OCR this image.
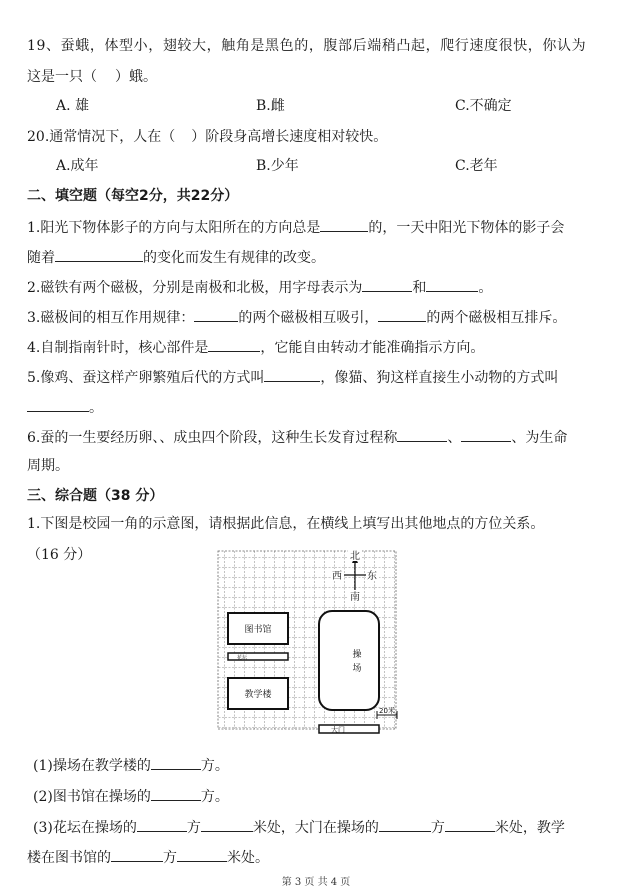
19、蚕蛾，体型小，翅较大，触角是黑色的，腹部后端稍凸起，爬行速度很快，你认为
这是一只（ ）蛾。
A. 雄	B.雌	C.不确定
20.通常情况下，人在（ ）阶段身高增长速度相对较快。
A.成年	B.少年	C.老年
二、填空题（每空2分，共22分）
1.阳光下物体影子的方向与太阳所在的方向总是	的，一天中阳光下物体的影子会
随着	的变化而发生有规律的改变。
2.磁铁有两个磁极，分别是南极和北极，用字母表示为	和	。
3.磁极间的相互作用规律：	的两个磁极相互吸引，	的两个磁极相互排斥。
4.自制指南针时，核心部件是	，它能自由转动才能准确指示方向。
5.像鸡、蚕这样产卵繁殖后代的方式叫	，像猫、狗这样直接生小动物的方式叫
。
6.蚕的一生要经历卵、、成虫四个阶段，这种生长发育过程称	、	、为生命
周期。
三、综合题（38 分）
1.下图是校园一角的示意图，请根据此信息，在横线上填写出其他地点的方位关系。
（16 分）	北
西	东
南
图书馆
花坛
教学楼
操
场
20米
大门
(1)操场在教学楼的	方。
(2)图书馆在操场的	方。
(3)花坛在操场的	方	米处，大门在操场的	方	米处，教学
楼在图书馆的	方	米处。
第 3 页 共 4 页
